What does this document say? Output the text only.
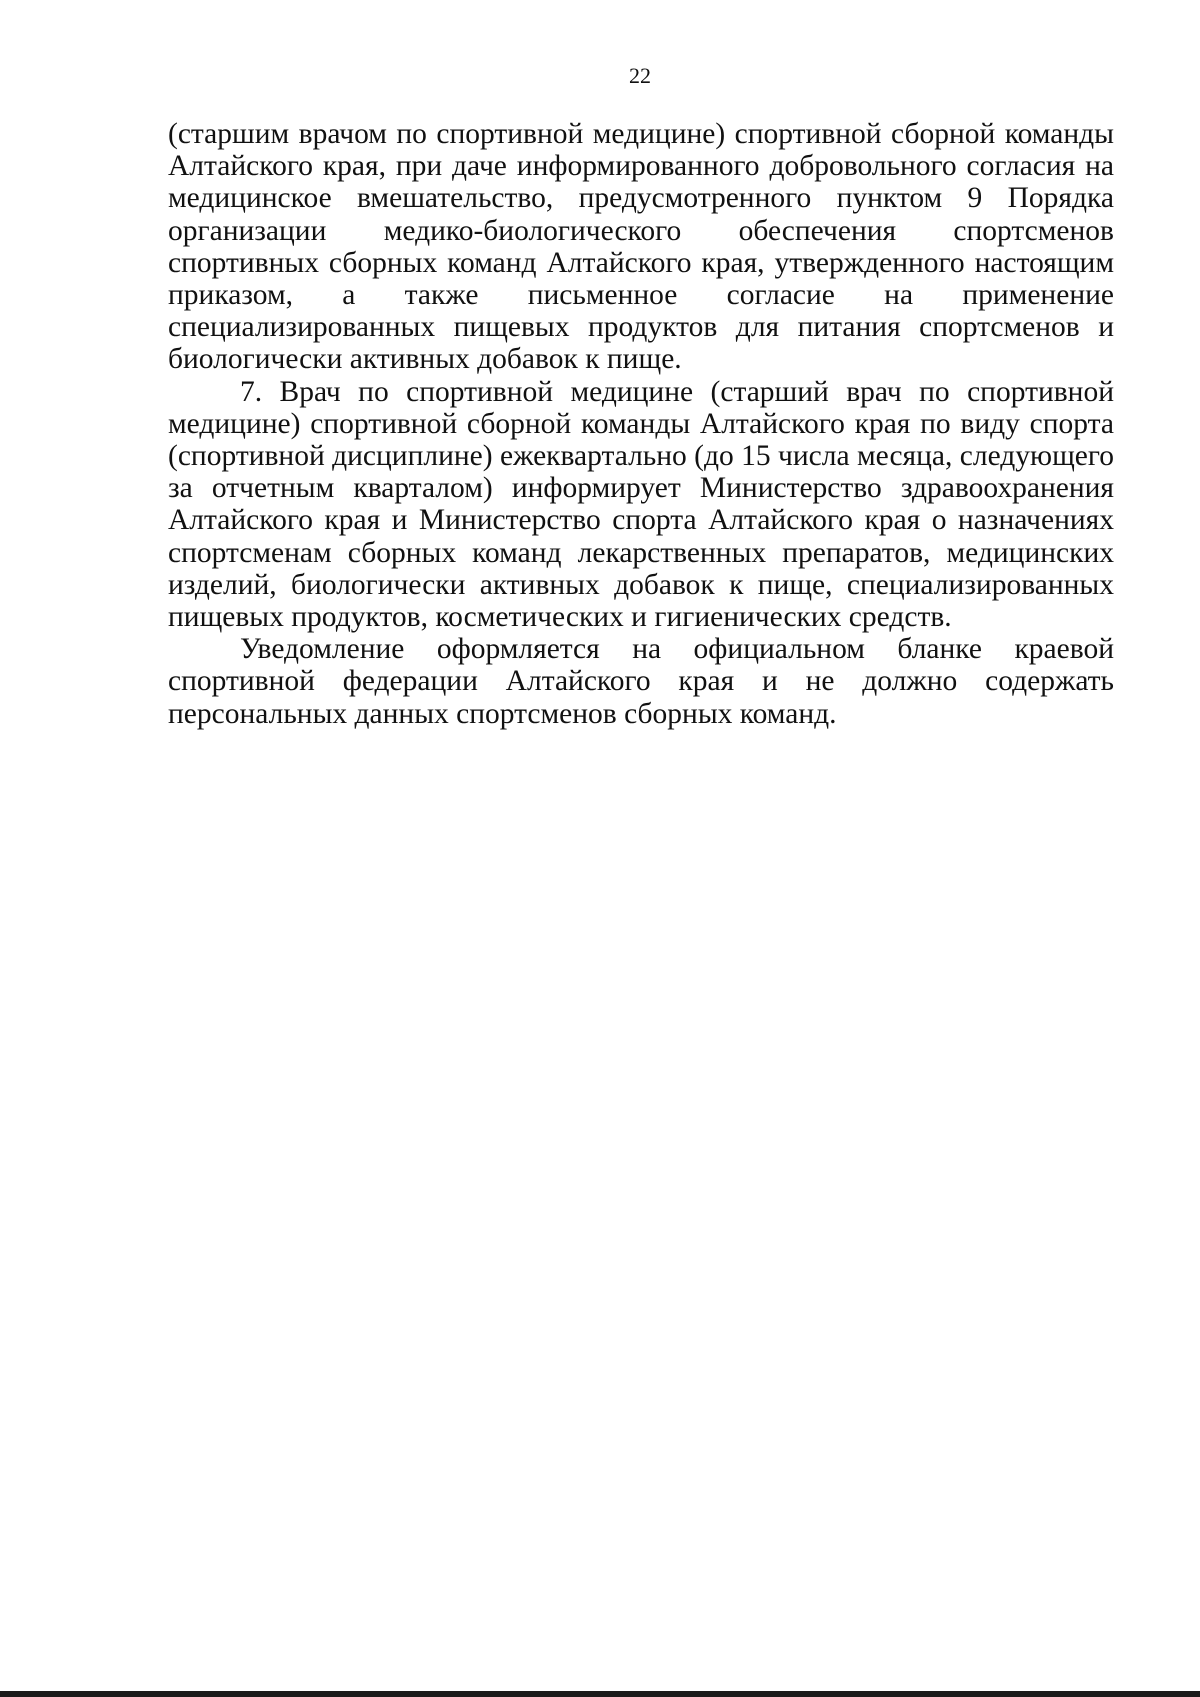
22

(старшим врачом по спортивной медицине) спортивной сборной команды Алтайского края, при даче информированного добровольного согласия на медицинское вмешательство, предусмотренного пунктом 9 Порядка организации медико-биологического обеспечения спортсменов спортивных сборных команд Алтайского края, утвержденного настоящим приказом, а также письменное согласие на применение специализированных пищевых продуктов для питания спортсменов и биологически активных добавок к пище.

7. Врач по спортивной медицине (старший врач по спортивной медицине) спортивной сборной команды Алтайского края по виду спорта (спортивной дисциплине) ежеквартально (до 15 числа месяца, следующего за отчетным кварталом) информирует Министерство здравоохранения Алтайского края и Министерство спорта Алтайского края о назначениях спортсменам сборных команд лекарственных препаратов, медицинских изделий, биологически активных добавок к пище, специализированных пищевых продуктов, косметических и гигиенических средств.

Уведомление оформляется на официальном бланке краевой спортивной федерации Алтайского края и не должно содержать персональных данных спортсменов сборных команд.
